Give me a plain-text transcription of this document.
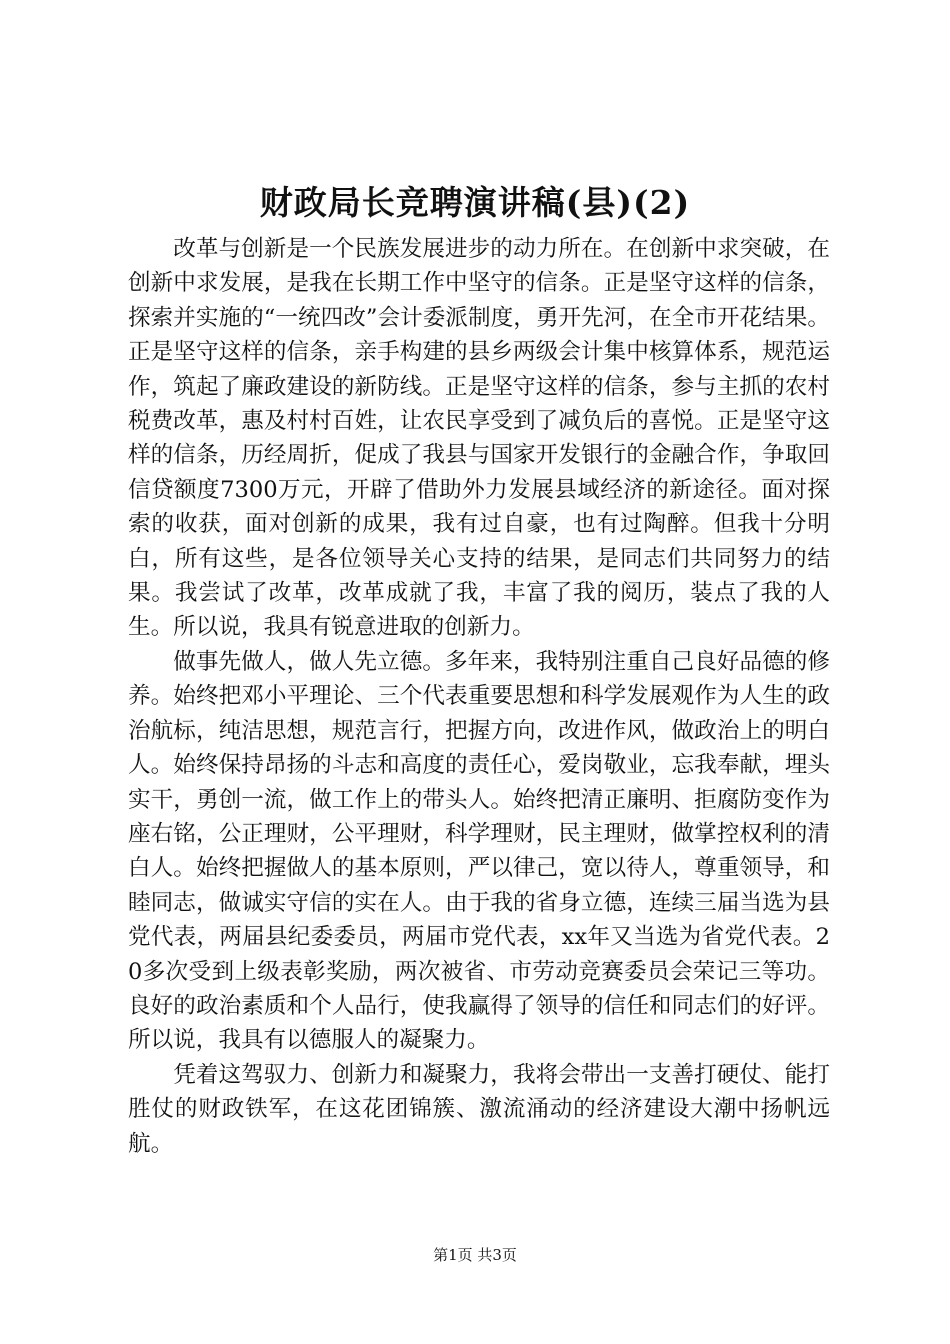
财政局长竞聘演讲稿(县)(2)

改革与创新是一个民族发展进步的动力所在。在创新中求突破，在创新中求发展，是我在长期工作中坚守的信条。正是坚守这样的信条，探索并实施的“一统四改”会计委派制度，勇开先河，在全市开花结果。正是坚守这样的信条，亲手构建的县乡两级会计集中核算体系，规范运作，筑起了廉政建设的新防线。正是坚守这样的信条，参与主抓的农村税费改革，惠及村村百姓，让农民享受到了减负后的喜悦。正是坚守这样的信条，历经周折，促成了我县与国家开发银行的金融合作，争取回信贷额度7300万元，开辟了借助外力发展县域经济的新途径。面对探索的收获，面对创新的成果，我有过自豪，也有过陶醉。但我十分明白，所有这些，是各位领导关心支持的结果，是同志们共同努力的结果。我尝试了改革，改革成就了我，丰富了我的阅历，装点了我的人生。所以说，我具有锐意进取的创新力。

做事先做人，做人先立德。多年来，我特别注重自己良好品德的修养。始终把邓小平理论、三个代表重要思想和科学发展观作为人生的政治航标，纯洁思想，规范言行，把握方向，改进作风，做政治上的明白人。始终保持昂扬的斗志和高度的责任心，爱岗敬业，忘我奉献，埋头实干，勇创一流，做工作上的带头人。始终把清正廉明、拒腐防变作为座右铭，公正理财，公平理财，科学理财，民主理财，做掌控权利的清白人。始终把握做人的基本原则，严以律己，宽以待人，尊重领导，和睦同志，做诚实守信的实在人。由于我的省身立德，连续三届当选为县党代表，两届县纪委委员，两届市党代表，xx年又当选为省党代表。20多次受到上级表彰奖励，两次被省、市劳动竞赛委员会荣记三等功。良好的政治素质和个人品行，使我赢得了领导的信任和同志们的好评。所以说，我具有以德服人的凝聚力。

凭着这驾驭力、创新力和凝聚力，我将会带出一支善打硬仗、能打胜仗的财政铁军，在这花团锦簇、激流涌动的经济建设大潮中扬帆远航。

第1页 共3页
